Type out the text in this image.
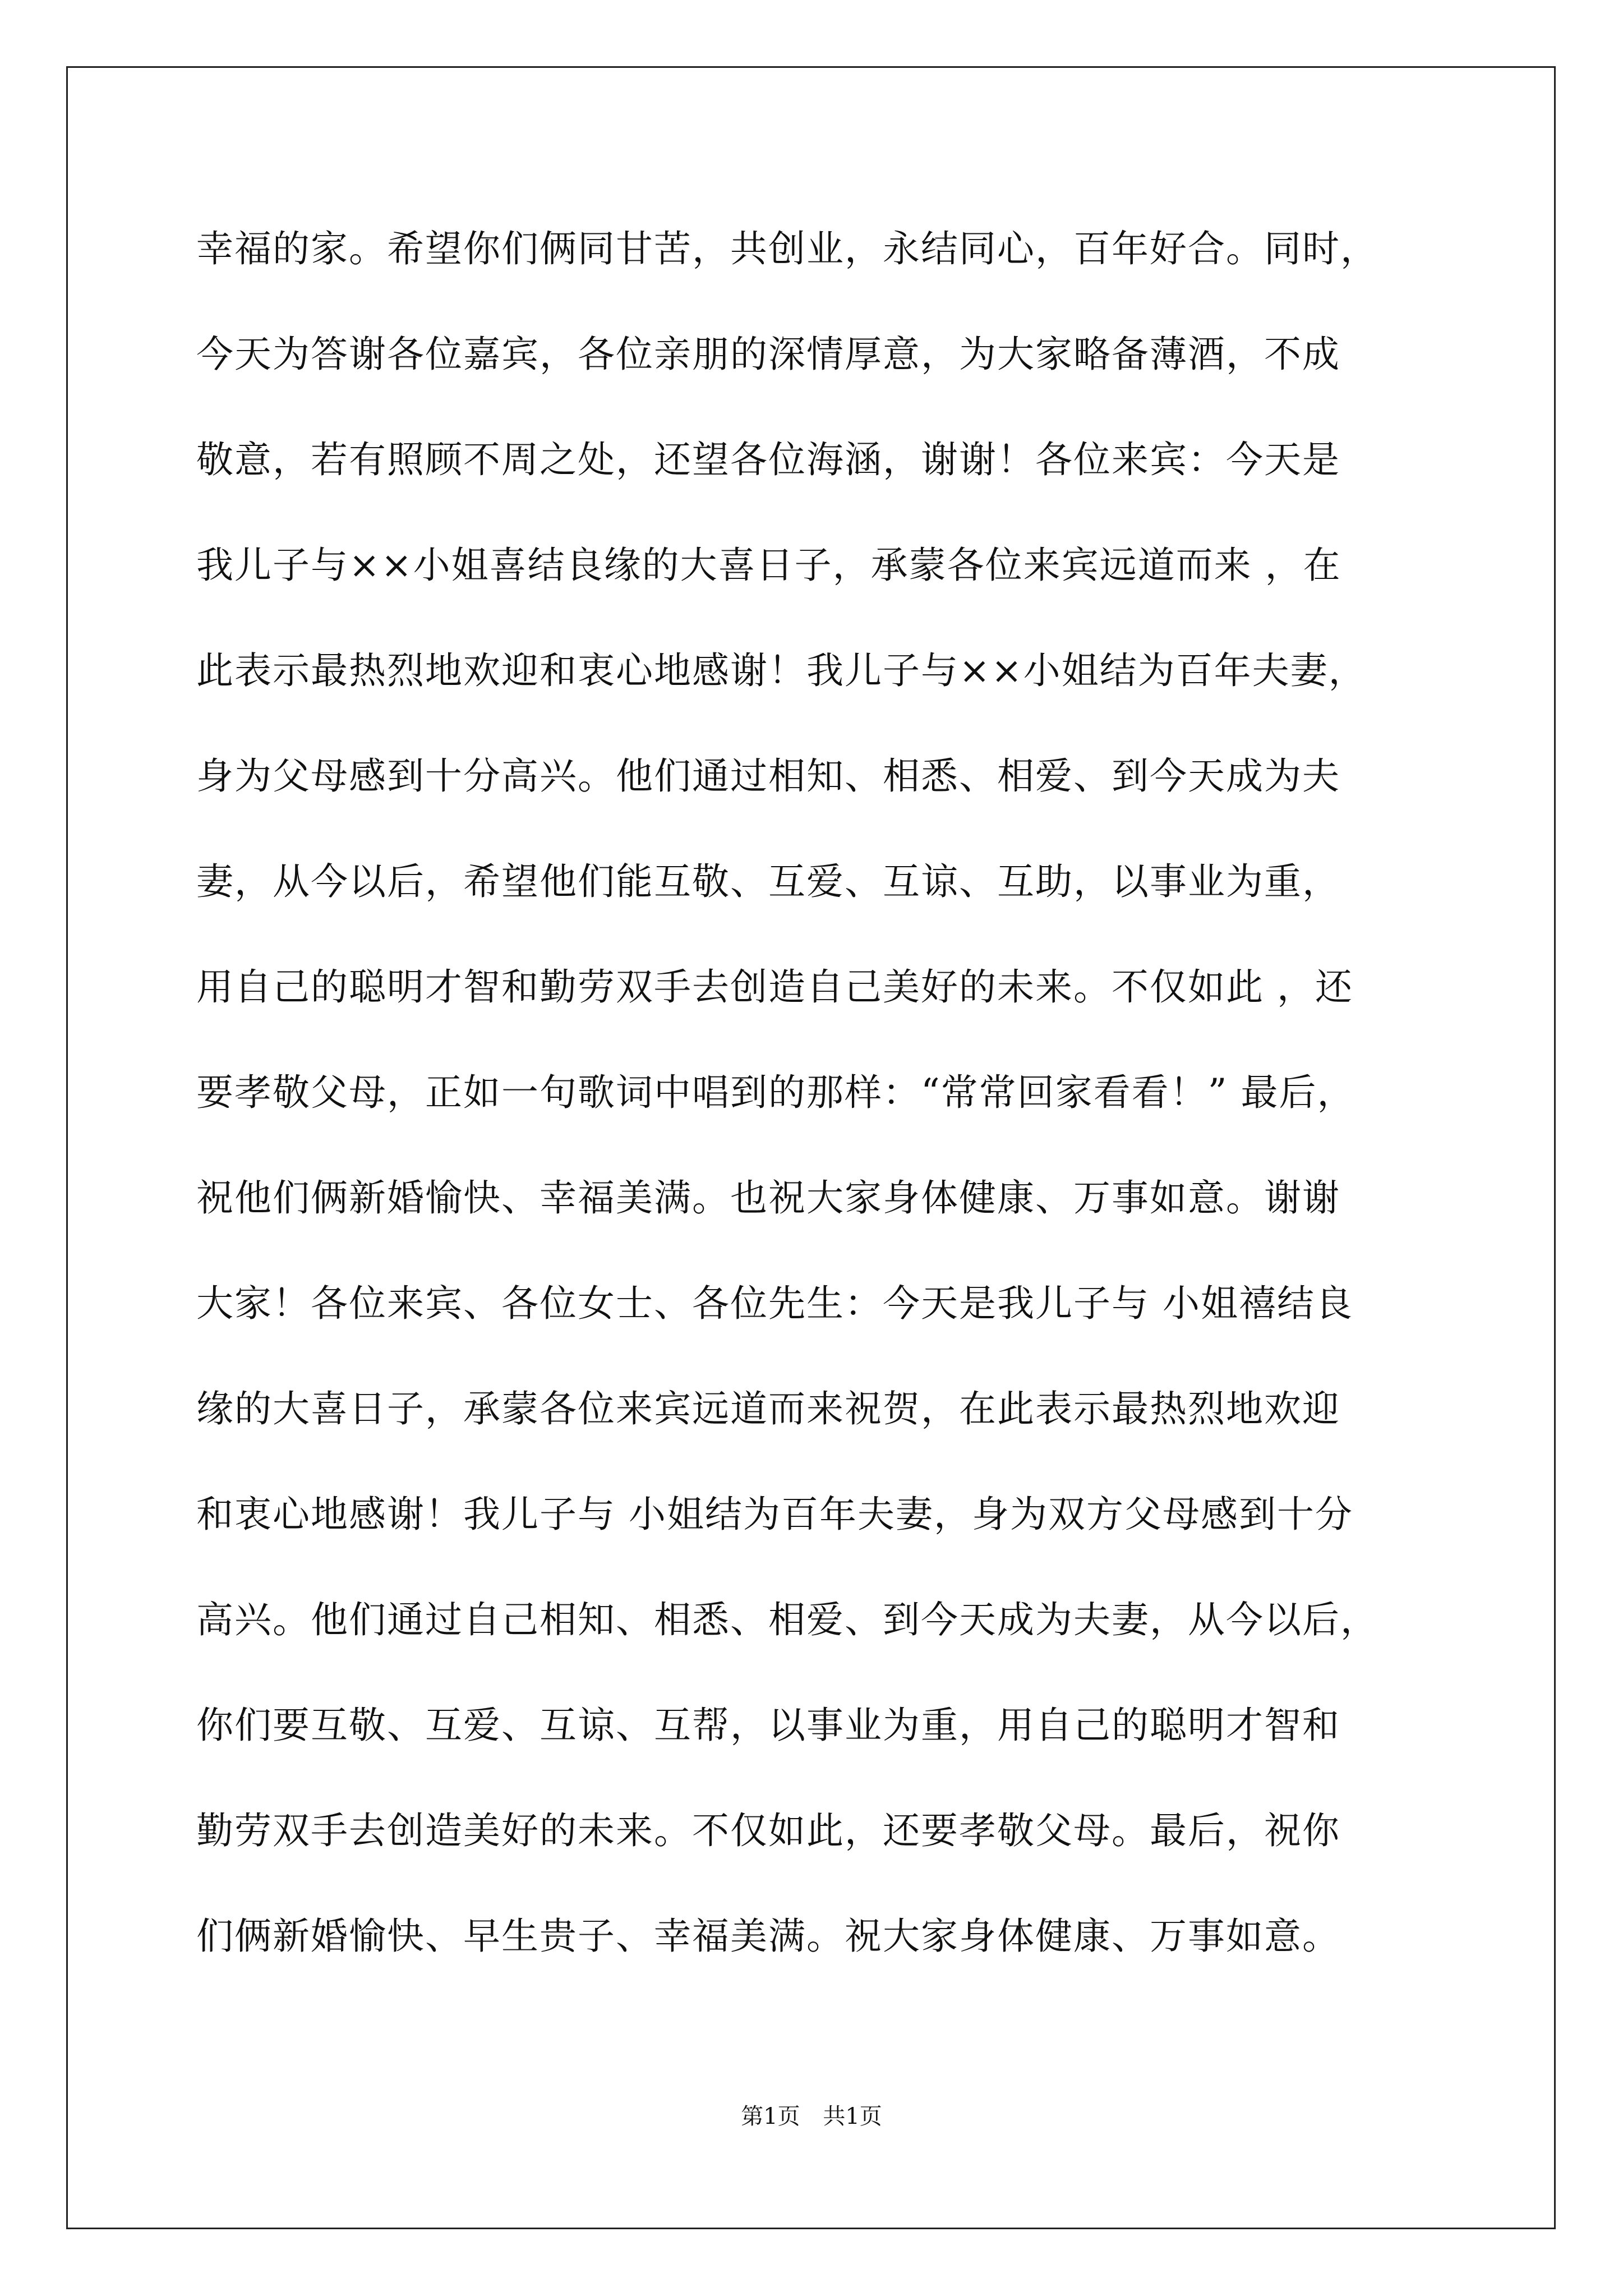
幸福的家。希望你们俩同甘苦，共创业，永结同心，百年好合。同时，
今天为答谢各位嘉宾，各位亲朋的深情厚意，为大家略备薄酒，不成
敬意，若有照顾不周之处，还望各位海涵，谢谢！各位来宾：今天是
我儿子与××小姐喜结良缘的大喜日子，承蒙各位来宾远道而来 ，在
此表示最热烈地欢迎和衷心地感谢！我儿子与××小姐结为百年夫妻，
身为父母感到十分高兴。他们通过相知、相悉、相爱、到今天成为夫
妻，从今以后，希望他们能互敬、互爱、互谅、互助，以事业为重，
用自己的聪明才智和勤劳双手去创造自己美好的未来。不仅如此 ，还
要孝敬父母，正如一句歌词中唱到的那样：“常常回家看看！” 最后，
祝他们俩新婚愉快、幸福美满。也祝大家身体健康、万事如意。谢谢
大家！各位来宾、各位女士、各位先生：今天是我儿子与 小姐禧结良
缘的大喜日子，承蒙各位来宾远道而来祝贺，在此表示最热烈地欢迎
和衷心地感谢！我儿子与 小姐结为百年夫妻，身为双方父母感到十分
高兴。他们通过自己相知、相悉、相爱、到今天成为夫妻，从今以后，
你们要互敬、互爱、互谅、互帮，以事业为重，用自己的聪明才智和
勤劳双手去创造美好的未来。不仅如此，还要孝敬父母。最后，祝你
们俩新婚愉快、早生贵子、幸福美满。祝大家身体健康、万事如意。
第1页 共1页
